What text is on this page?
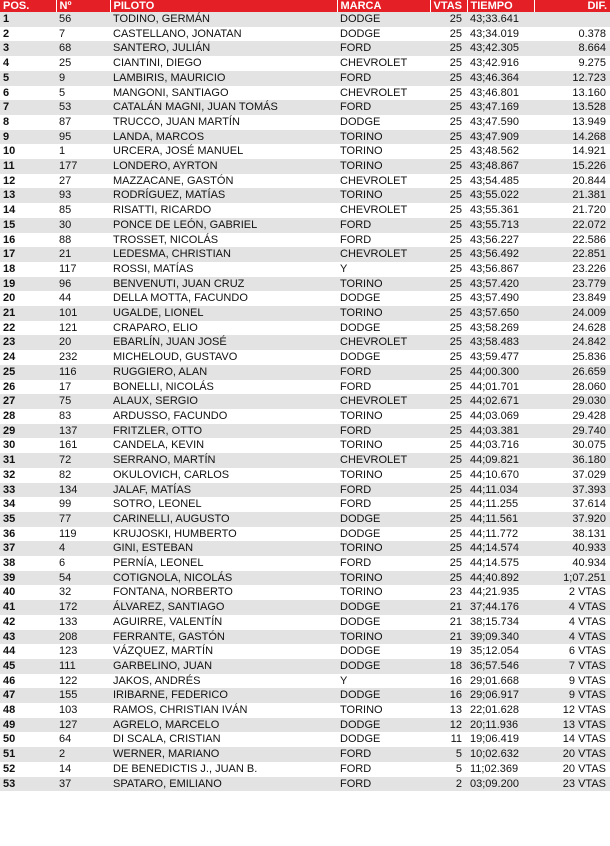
POS.	Nº	PILOTO	MARCA	VTAS	TIEMPO	DIF.
1	56	TODINO, GERMÁN	DODGE	25	43;33.641	
2	7	CASTELLANO, JONATAN	DODGE	25	43;34.019	0.378
3	68	SANTERO, JULIÁN	FORD	25	43;42.305	8.664
4	25	CIANTINI, DIEGO	CHEVROLET	25	43;42.916	9.275
5	9	LAMBIRIS, MAURICIO	FORD	25	43;46.364	12.723
6	5	MANGONI, SANTIAGO	CHEVROLET	25	43;46.801	13.160
7	53	CATALÁN MAGNI, JUAN TOMÁS	FORD	25	43;47.169	13.528
8	87	TRUCCO, JUAN MARTÍN	DODGE	25	43;47.590	13.949
9	95	LANDA, MARCOS	TORINO	25	43;47.909	14.268
10	1	URCERA, JOSÉ MANUEL	TORINO	25	43;48.562	14.921
11	177	LONDERO, AYRTON	TORINO	25	43;48.867	15.226
12	27	MAZZACANE, GASTÓN	CHEVROLET	25	43;54.485	20.844
13	93	RODRÍGUEZ, MATÍAS	TORINO	25	43;55.022	21.381
14	85	RISATTI, RICARDO	CHEVROLET	25	43;55.361	21.720
15	30	PONCE DE LEÓN, GABRIEL	FORD	25	43;55.713	22.072
16	88	TROSSET, NICOLÁS	FORD	25	43;56.227	22.586
17	21	LEDESMA, CHRISTIAN	CHEVROLET	25	43;56.492	22.851
18	117	ROSSI, MATÍAS	Y	25	43;56.867	23.226
19	96	BENVENUTI, JUAN CRUZ	TORINO	25	43;57.420	23.779
20	44	DELLA MOTTA, FACUNDO	DODGE	25	43;57.490	23.849
21	101	UGALDE, LIONEL	TORINO	25	43;57.650	24.009
22	121	CRAPARO, ELIO	DODGE	25	43;58.269	24.628
23	20	EBARLÍN, JUAN JOSÉ	CHEVROLET	25	43;58.483	24.842
24	232	MICHELOUD, GUSTAVO	DODGE	25	43;59.477	25.836
25	116	RUGGIERO, ALAN	FORD	25	44;00.300	26.659
26	17	BONELLI, NICOLÁS	FORD	25	44;01.701	28.060
27	75	ALAUX, SERGIO	CHEVROLET	25	44;02.671	29.030
28	83	ARDUSSO, FACUNDO	TORINO	25	44;03.069	29.428
29	137	FRITZLER, OTTO	FORD	25	44;03.381	29.740
30	161	CANDELA, KEVIN	TORINO	25	44;03.716	30.075
31	72	SERRANO, MARTÍN	CHEVROLET	25	44;09.821	36.180
32	82	OKULOVICH, CARLOS	TORINO	25	44;10.670	37.029
33	134	JALAF, MATÍAS	FORD	25	44;11.034	37.393
34	99	SOTRO, LEONEL	FORD	25	44;11.255	37.614
35	77	CARINELLI, AUGUSTO	DODGE	25	44;11.561	37.920
36	119	KRUJOSKI, HUMBERTO	DODGE	25	44;11.772	38.131
37	4	GINI, ESTEBAN	TORINO	25	44;14.574	40.933
38	6	PERNÍA, LEONEL	FORD	25	44;14.575	40.934
39	54	COTIGNOLA, NICOLÁS	TORINO	25	44;40.892	1;07.251
40	32	FONTANA, NORBERTO	TORINO	23	44;21.935	2 VTAS
41	172	ÁLVAREZ, SANTIAGO	DODGE	21	37;44.176	4 VTAS
42	133	AGUIRRE, VALENTÍN	DODGE	21	38;15.734	4 VTAS
43	208	FERRANTE, GASTÓN	TORINO	21	39;09.340	4 VTAS
44	123	VÁZQUEZ, MARTÍN	DODGE	19	35;12.054	6 VTAS
45	111	GARBELINO, JUAN	DODGE	18	36;57.546	7 VTAS
46	122	JAKOS, ANDRÉS	Y	16	29;01.668	9 VTAS
47	155	IRIBARNE, FEDERICO	DODGE	16	29;06.917	9 VTAS
48	103	RAMOS, CHRISTIAN IVÁN	TORINO	13	22;01.628	12 VTAS
49	127	AGRELO, MARCELO	DODGE	12	20;11.936	13 VTAS
50	64	DI SCALA, CRISTIAN	DODGE	11	19;06.419	14 VTAS
51	2	WERNER, MARIANO	FORD	5	10;02.632	20 VTAS
52	14	DE BENEDICTIS J., JUAN B.	FORD	5	11;02.369	20 VTAS
53	37	SPATARO, EMILIANO	FORD	2	03;09.200	23 VTAS
